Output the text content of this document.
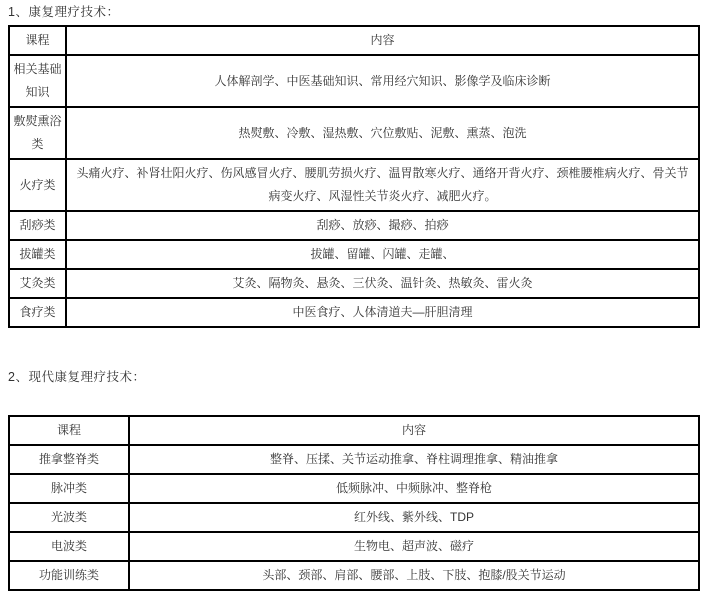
1、康复理疗技术：
课程	内容
相关基础知识	人体解剖学、中医基础知识、常用经穴知识、影像学及临床诊断
敷熨熏浴类	热熨敷、冷敷、湿热敷、穴位敷贴、泥敷、熏蒸、泡洗
火疗类	头痛火疗、补肾壮阳火疗、伤风感冒火疗、腰肌劳损火疗、温胃散寒火疗、通络开背火疗、颈椎腰椎病火疗、骨关节病变火疗、风湿性关节炎火疗、减肥火疗。
刮痧类	刮痧、放痧、撮痧、拍痧
拔罐类	拔罐、留罐、闪罐、走罐、
艾灸类	艾灸、隔物灸、悬灸、三伏灸、温针灸、热敏灸、雷火灸
食疗类	中医食疗、人体清道夫—肝胆清理
2、现代康复理疗技术：
课程	内容
推拿整脊类	整脊、压揉、关节运动推拿、脊柱调理推拿、精油推拿
脉冲类	低频脉冲、中频脉冲、整脊枪
光波类	红外线、紫外线、TDP
电波类	生物电、超声波、磁疗
功能训练类	头部、颈部、肩部、腰部、上肢、下肢、抱膝/股关节运动
